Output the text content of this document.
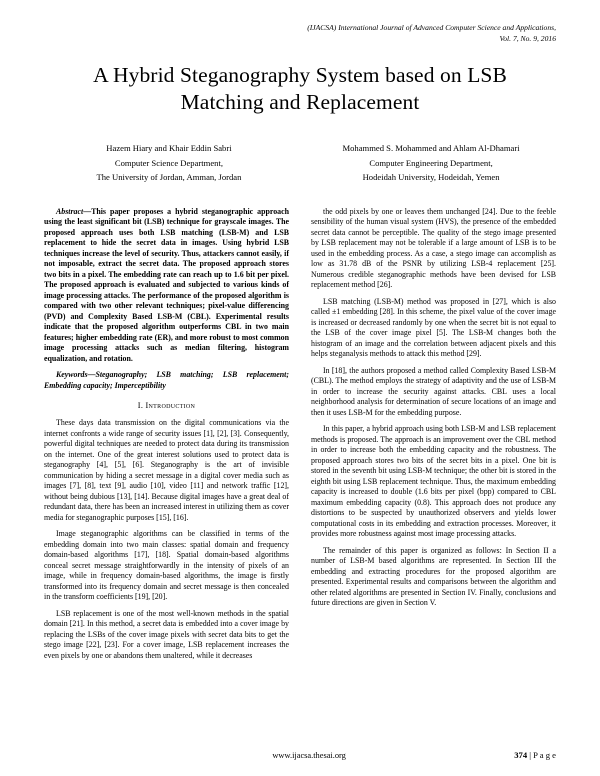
(IJACSA) International Journal of Advanced Computer Science and Applications,
Vol. 7, No. 9, 2016
A Hybrid Steganography System based on LSB Matching and Replacement
Hazem Hiary and Khair Eddin Sabri
Computer Science Department,
The University of Jordan, Amman, Jordan
Mohammed S. Mohammed and Ahlam Al-Dhamari
Computer Engineering Department,
Hodeidah University, Hodeidah, Yemen

Abstract—This paper proposes a hybrid steganographic approach using the least significant bit (LSB) technique for grayscale images. The proposed approach uses both LSB matching (LSB-M) and LSB replacement to hide the secret data in images. Using hybrid LSB techniques increase the level of security. Thus, attackers cannot easily, if not imposable, extract the secret data. The proposed approach stores two bits in a pixel. The embedding rate can reach up to 1.6 bit per pixel. The proposed approach is evaluated and subjected to various kinds of image processing attacks. The performance of the proposed algorithm is compared with two other relevant techniques; pixel-value differencing (PVD) and Complexity Based LSB-M (CBL). Experimental results indicate that the proposed algorithm outperforms CBL in two main features; higher embedding rate (ER), and more robust to most common image processing attacks such as median filtering, histogram equalization, and rotation.

Keywords—Steganography; LSB matching; LSB replacement; Embedding capacity; Imperceptibility

I. Introduction

These days data transmission on the digital communications via the internet confronts a wide range of security issues [1], [2], [3]. Consequently, powerful digital techniques are needed to protect data during its transmission on the internet. One of the great interest solutions used to protect data is steganography [4], [5], [6]. Steganography is the art of invisible communication by hiding a secret message in a digital cover media such as images [7], [8], text [9], audio [10], video [11] and network traffic [12], without being dubious [13], [14]. Because digital images have a great deal of redundant data, there has been an increased interest in utilizing them as cover media for steganographic purposes [15], [16].

Image steganographic algorithms can be classified in terms of the embedding domain into two main classes: spatial domain and frequency domain-based algorithms [17], [18]. Spatial domain-based algorithms conceal secret message straightforwardly in the intensity of pixels of an image, while in frequency domain-based algorithms, the image is firstly transformed into its frequency domain and secret message is then concealed in the transform coefficients [19], [20].

LSB replacement is one of the most well-known methods in the spatial domain [21]. In this method, a secret data is embedded into a cover image by replacing the LSBs of the cover image pixels with secret data bits to get the stego image [22], [23]. For a cover image, LSB replacement increases the even pixels by one or abandons them unaltered, while it decreases

the odd pixels by one or leaves them unchanged [24]. Due to the feeble sensibility of the human visual system (HVS), the presence of the embedded secret data cannot be perceptible. The quality of the stego image presented by LSB replacement may not be tolerable if a large amount of LSB is to be used in the embedding process. As a case, a stego image can accomplish as low as 31.78 dB of the PSNR by utilizing LSB-4 replacement [25]. Numerous credible steganographic methods have been devised for LSB replacement method [26].

LSB matching (LSB-M) method was proposed in [27], which is also called ±1 embedding [28]. In this scheme, the pixel value of the cover image is increased or decreased randomly by one when the secret bit is not equal to the LSB of the cover image pixel [5]. The LSB-M changes both the histogram of an image and the correlation between adjacent pixels and this helps steganalysis methods to attack this method [29].

In [18], the authors proposed a method called Complexity Based LSB-M (CBL). The method employs the strategy of adaptivity and the use of LSB-M in order to increase the security against attacks. CBL uses a local neighborhood analysis for determination of secure locations of an image and then it uses LSB-M for the embedding purpose.

In this paper, a hybrid approach using both LSB-M and LSB replacement methods is proposed. The approach is an improvement over the CBL method in order to increase both the embedding capacity and the robustness. The proposed approach stores two bits of the secret bits in a pixel. One bit is stored in the seventh bit using LSB-M technique; the other bit is stored in the eighth bit using LSB replacement technique. Thus, the maximum embedding capacity is increased to double (1.6 bits per pixel (bpp) compared to CBL maximum embedding capacity (0.8). This approach does not produce any distortions to be suspected by unauthorized observers and yields lower computational costs in its embedding and extraction processes. Moreover, it provides more robustness against most image processing attacks.

The remainder of this paper is organized as follows: In Section II a number of LSB-M based algorithms are represented. In Section III the embedding and extracting procedures for the proposed algorithm are presented. Experimental results and comparisons between the algorithm and other related algorithms are presented in Section IV. Finally, conclusions and future directions are given in Section V.

www.ijacsa.thesai.org	374 | P a g e
